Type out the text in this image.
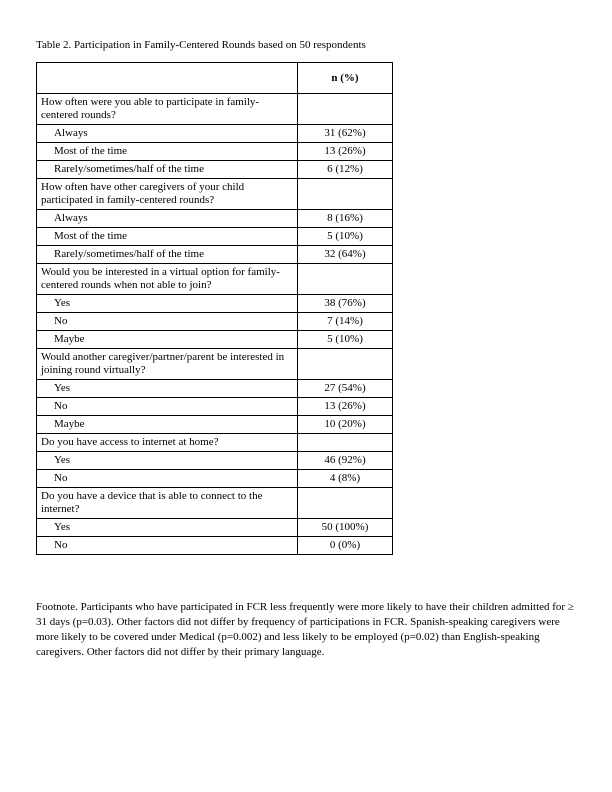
Table 2. Participation in Family-Centered Rounds based on 50 respondents
	n (%)
How often were you able to participate in family-centered rounds?	
Always	31 (62%)
Most of the time	13 (26%)
Rarely/sometimes/half of the time	6 (12%)
How often have other caregivers of your child participated in family-centered rounds?	
Always	8 (16%)
Most of the time	5 (10%)
Rarely/sometimes/half of the time	32 (64%)
Would you be interested in a virtual option for family-centered rounds when not able to join?	
Yes	38 (76%)
No	7 (14%)
Maybe	5 (10%)
Would another caregiver/partner/parent be interested in joining round virtually?	
Yes	27 (54%)
No	13 (26%)
Maybe	10 (20%)
Do you have access to internet at home?	
Yes	46 (92%)
No	4 (8%)
Do you have a device that is able to connect to the internet?	
Yes	50 (100%)
No	0 (0%)
Footnote. Participants who have participated in FCR less frequently were more likely to have their children admitted for ≥ 31 days (p=0.03). Other factors did not differ by frequency of participations in FCR. Spanish-speaking caregivers were more likely to be covered under Medical (p=0.002) and less likely to be employed (p=0.02) than English-speaking caregivers. Other factors did not differ by their primary language.
